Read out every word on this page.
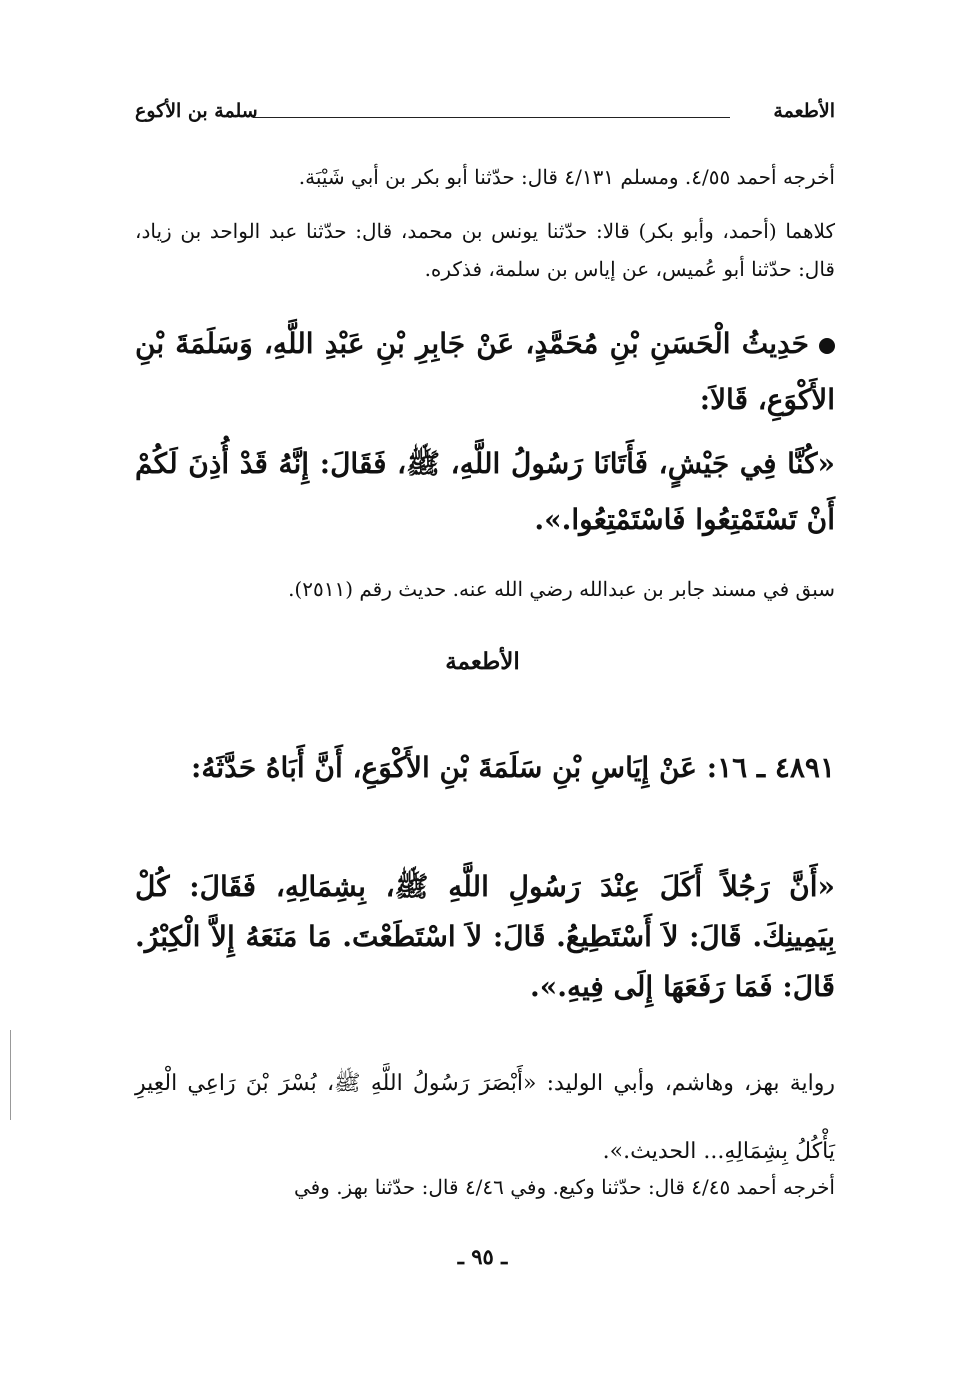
الأطعمة
سلمة بن الأكوع
أخرجه أحمد ٤/٥٥. ومسلم ٤/١٣١ قال: حدّثنا أبو بكر بن أبي شَيْبَة.
كلاهما (أحمد، وأبو بكر) قالا: حدّثنا يونس بن محمد، قال: حدّثنا عبد الواحد بن زياد، قال: حدّثنا أبو عُميس، عن إياس بن سلمة، فذكره.
حَدِيثُ الْحَسَنِ بْنِ مُحَمَّدٍ، عَنْ جَابِرِ بْنِ عَبْدِ اللَّهِ، وَسَلَمَةَ بْنِ الأَكْوَعِ، قَالاَ:
«كُنَّا فِي جَيْشٍ، فَأَتَانَا رَسُولُ اللَّهِ، ﷺ، فَقَالَ: إِنَّهُ قَدْ أُذِنَ لَكُمْ أَنْ تَسْتَمْتِعُوا فَاسْتَمْتِعُوا.».
سبق في مسند جابر بن عبدالله رضي الله عنه. حديث رقم (٢٥١١).
الأطعمة
٤٨٩١ ـ ١٦: عَنْ إِيَاسِ بْنِ سَلَمَةَ بْنِ الأَكْوَعِ، أَنَّ أَبَاهُ حَدَّثَهُ:
«أَنَّ رَجُلاً أَكَلَ عِنْدَ رَسُولِ اللَّهِ ﷺ، بِشِمَالِهِ، فَقَالَ: كُلْ بِيَمِينِكَ. قَالَ: لاَ أَسْتَطِيعُ. قَالَ: لاَ اسْتَطَعْتَ. مَا مَنَعَهُ إِلاَّ الْكِبْرُ. قَالَ: فَمَا رَفَعَهَا إِلَى فِيهِ.».
رواية بهز، وهاشم، وأبي الوليد: «أَبْصَرَ رَسُولُ اللَّهِ ﷺ، بُسْرَ بْنَ رَاعِي الْعِيرِ يَأْكُلُ بِشِمَالِهِ... الحديث.».
أخرجه أحمد ٤/٤٥ قال: حدّثنا وكيع. وفي ٤/٤٦ قال: حدّثنا بهز. وفي
ـ ٩٥ ـ
